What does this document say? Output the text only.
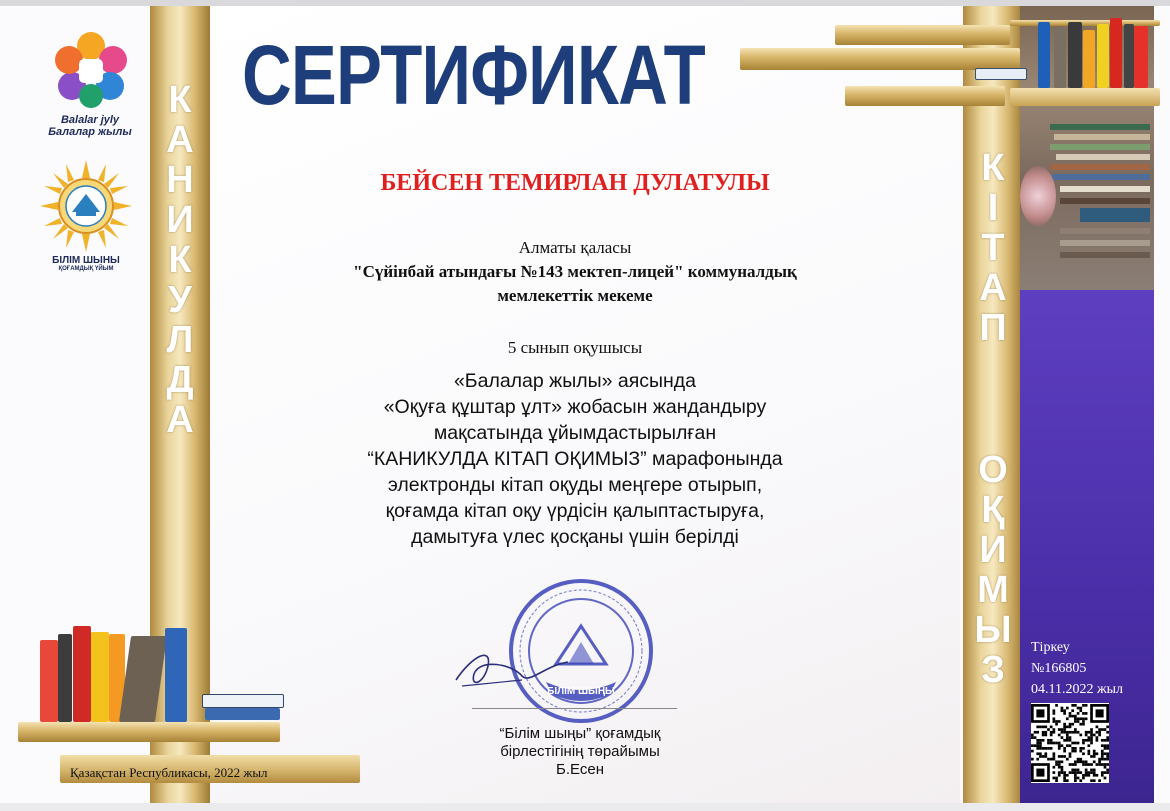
К
А
Н
И
К
У
Л
Д
А
К
І
Т
А
П
О
Қ
И
М
Ы
З
Balalar jyly
Балалар жылы
БІЛІМ ШЫНЫ
ҚОҒАМДЫҚ ҮЙЫМ
СЕРТИФИКАТ
БЕЙСЕН ТЕМИРЛАН ДУЛАТУЛЫ
Алматы қаласы
"Сүйінбай атындағы №143 мектеп-лицей" коммуналдық
мемлекеттік мекеме
5 сынып оқушысы
«Балалар жылы» аясында
«Оқуға құштар ұлт» жобасын жандандыру
мақсатында ұйымдастырылған
“КАНИКУЛДА КІТАП ОҚИМЫЗ” марафонында
электронды кітап оқуды меңгере отырып,
қоғамда кітап оқу үрдісін қалыптастыруға,
дамытуға үлес қосқаны үшін берілді
БІЛІМ ШЫҢЫ
“Білім шыңы” қоғамдық
бірлестігінің төрайымы
Б.Есен
Қазақстан Республикасы, 2022 жыл
Тіркеу
№166805
04.11.2022 жыл
